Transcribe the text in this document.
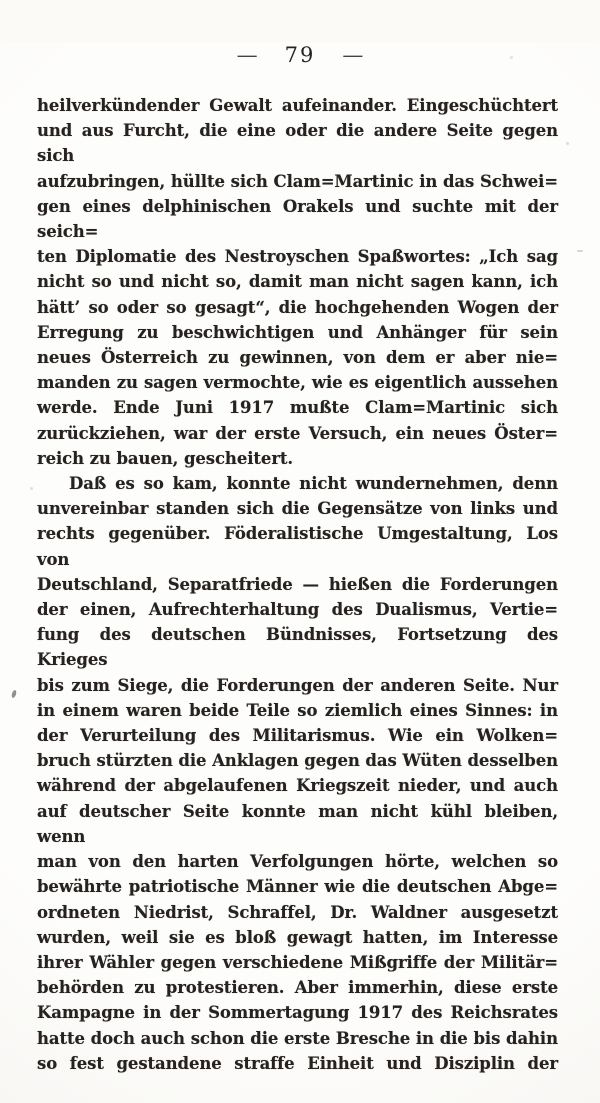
— 79 —
heilverkündender Gewalt aufeinander. Eingeschüchtert
und aus Furcht, die eine oder die andere Seite gegen sich
aufzubringen, hüllte sich Clam=Martinic in das Schwei=
gen eines delphinischen Orakels und suchte mit der seich=
ten Diplomatie des Nestroyschen Spaßwortes: „Ich sag
nicht so und nicht so, damit man nicht sagen kann, ich
hätt’ so oder so gesagt“, die hochgehenden Wogen der
Erregung zu beschwichtigen und Anhänger für sein
neues Österreich zu gewinnen, von dem er aber nie=
manden zu sagen vermochte, wie es eigentlich aussehen
werde. Ende Juni 1917 mußte Clam=Martinic sich
zurückziehen, war der erste Versuch, ein neues Öster=
reich zu bauen, gescheitert.
Daß es so kam, konnte nicht wundernehmen, denn
unvereinbar standen sich die Gegensätze von links und
rechts gegenüber. Föderalistische Umgestaltung, Los von
Deutschland, Separatfriede — hießen die Forderungen
der einen, Aufrechterhaltung des Dualismus, Vertie=
fung des deutschen Bündnisses, Fortsetzung des Krieges
bis zum Siege, die Forderungen der anderen Seite. Nur
in einem waren beide Teile so ziemlich eines Sinnes: in
der Verurteilung des Militarismus. Wie ein Wolken=
bruch stürzten die Anklagen gegen das Wüten desselben
während der abgelaufenen Kriegszeit nieder, und auch
auf deutscher Seite konnte man nicht kühl bleiben, wenn
man von den harten Verfolgungen hörte, welchen so
bewährte patriotische Männer wie die deutschen Abge=
ordneten Niedrist, Schraffel, Dr. Waldner ausgesetzt
wurden, weil sie es bloß gewagt hatten, im Interesse
ihrer Wähler gegen verschiedene Mißgriffe der Militär=
behörden zu protestieren. Aber immerhin, diese erste
Kampagne in der Sommertagung 1917 des Reichsrates
hatte doch auch schon die erste Bresche in die bis dahin
so fest gestandene straffe Einheit und Disziplin der
